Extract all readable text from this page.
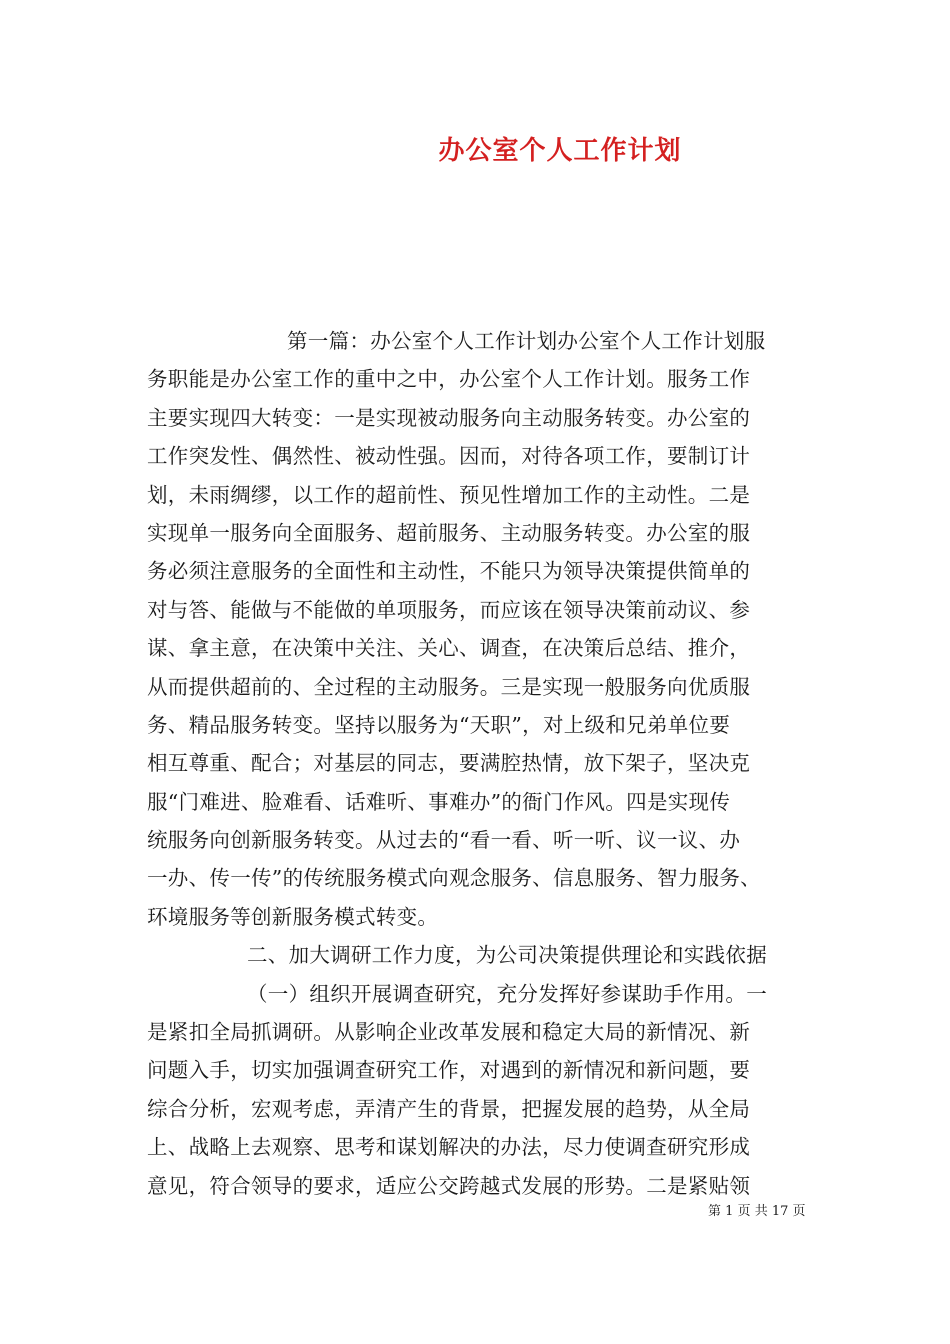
办公室个人工作计划
第一篇：办公室个人工作计划办公室个人工作计划服
务职能是办公室工作的重中之中，办公室个人工作计划。服务工作
主要实现四大转变：一是实现被动服务向主动服务转变。办公室的
工作突发性、偶然性、被动性强。因而，对待各项工作，要制订计
划，未雨绸缪，以工作的超前性、预见性增加工作的主动性。二是
实现单一服务向全面服务、超前服务、主动服务转变。办公室的服
务必须注意服务的全面性和主动性，不能只为领导决策提供简单的
对与答、能做与不能做的单项服务，而应该在领导决策前动议、参
谋、拿主意，在决策中关注、关心、调查，在决策后总结、推介，
从而提供超前的、全过程的主动服务。三是实现一般服务向优质服
务、精品服务转变。坚持以服务为“天职”，对上级和兄弟单位要
相互尊重、配合；对基层的同志，要满腔热情，放下架子，坚决克
服“门难进、脸难看、话难听、事难办”的衙门作风。四是实现传
统服务向创新服务转变。从过去的“看一看、听一听、议一议、办
一办、传一传”的传统服务模式向观念服务、信息服务、智力服务、
环境服务等创新服务模式转变。
二、加大调研工作力度，为公司决策提供理论和实践依据
（一）组织开展调查研究，充分发挥好参谋助手作用。一
是紧扣全局抓调研。从影响企业改革发展和稳定大局的新情况、新
问题入手，切实加强调查研究工作，对遇到的新情况和新问题，要
综合分析，宏观考虑，弄清产生的背景，把握发展的趋势，从全局
上、战略上去观察、思考和谋划解决的办法，尽力使调查研究形成
意见，符合领导的要求，适应公交跨越式发展的形势。二是紧贴领
第 1 页 共 17 页
